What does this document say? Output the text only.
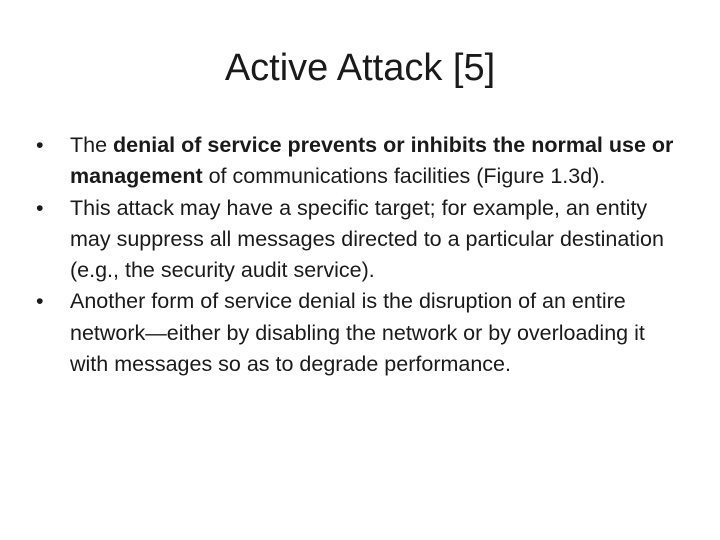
Active Attack [5]
•	The denial of service prevents or inhibits the normal use or management of communications facilities (Figure 1.3d).
•	This attack may have a specific target; for example, an entity may suppress all messages directed to a particular destination (e.g., the security audit service).
•	Another form of service denial is the disruption of an entire network—either by disabling the network or by overloading it with messages so as to degrade performance.
